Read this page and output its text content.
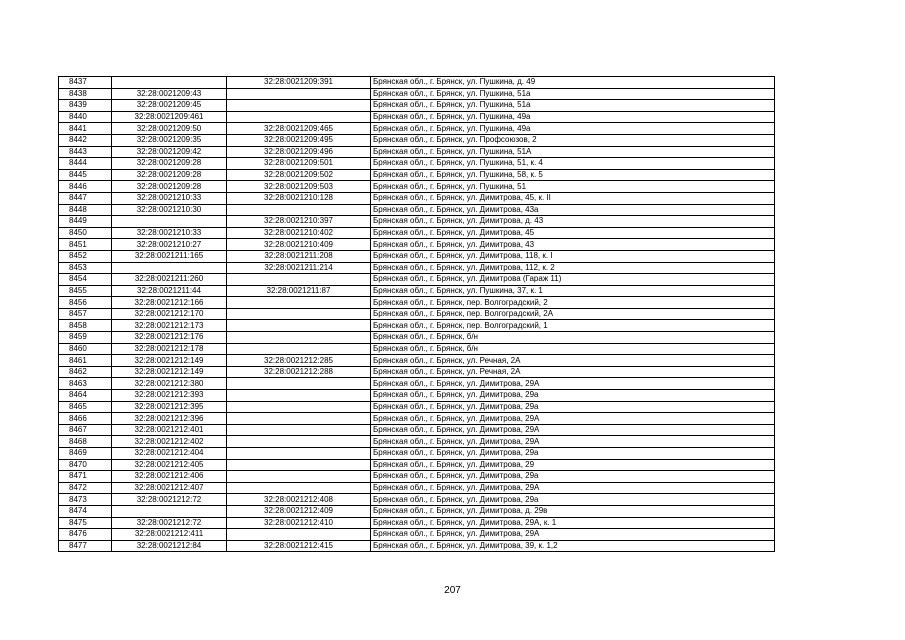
8437		32:28:0021209:391	Брянская обл., г. Брянск, ул. Пушкина, д. 49
8438	32:28:0021209:43		Брянская обл., г. Брянск, ул. Пушкина, 51а
8439	32:28:0021209:45		Брянская обл., г. Брянск, ул. Пушкина, 51а
8440	32:28:0021209:461		Брянская обл., г. Брянск, ул. Пушкина, 49а
8441	32:28:0021209:50	32:28:0021209:465	Брянская обл., г. Брянск, ул. Пушкина, 49а
8442	32:28:0021209:35	32:28:0021209:495	Брянская обл., г. Брянск, ул. Профсоюзов, 2
8443	32:28:0021209:42	32:28:0021209:496	Брянская обл., г. Брянск, ул. Пушкина, 51А
8444	32:28:0021209:28	32:28:0021209:501	Брянская обл., г. Брянск, ул. Пушкина, 51, к. 4
8445	32:28:0021209:28	32:28:0021209:502	Брянская обл., г. Брянск, ул. Пушкина, 58, к. 5
8446	32:28:0021209:28	32:28:0021209:503	Брянская обл., г. Брянск, ул. Пушкина, 51
8447	32:28:0021210:33	32:28:0021210:128	Брянская обл., г. Брянск, ул. Димитрова, 45, к. II
8448	32:28:0021210:30		Брянская обл., г. Брянск, ул. Димитрова, 43а
8449		32:28:0021210:397	Брянская обл., г. Брянск, ул. Димитрова, д. 43
8450	32:28:0021210:33	32:28:0021210:402	Брянская обл., г. Брянск, ул. Димитрова, 45
8451	32:28:0021210:27	32:28:0021210:409	Брянская обл., г. Брянск, ул. Димитрова, 43
8452	32:28:0021211:165	32:28:0021211:208	Брянская обл., г. Брянск, ул. Димитрова, 118, к. I
8453		32:28:0021211:214	Брянская обл., г. Брянск, ул. Димитрова, 112, к. 2
8454	32:28:0021211:260		Брянская обл., г. Брянск, ул. Димитрова (Гараж 11)
8455	32:28:0021211:44	32:28:0021211:87	Брянская обл., г. Брянск, ул. Пушкина, 37, к. 1
8456	32:28:0021212:166		Брянская обл., г. Брянск, пер. Волгоградский, 2
8457	32:28:0021212:170		Брянская обл., г. Брянск, пер. Волгоградский, 2А
8458	32:28:0021212:173		Брянская обл., г. Брянск, пер. Волгоградский, 1
8459	32:28:0021212:176		Брянская обл., г. Брянск, б/н
8460	32:28:0021212:178		Брянская обл., г. Брянск, б/н
8461	32:28:0021212:149	32:28:0021212:285	Брянская обл., г. Брянск, ул. Речная, 2А
8462	32:28:0021212:149	32:28:0021212:288	Брянская обл., г. Брянск, ул. Речная, 2А
8463	32:28:0021212:380		Брянская обл., г. Брянск, ул. Димитрова, 29А
8464	32:28:0021212:393		Брянская обл., г. Брянск, ул. Димитрова, 29а
8465	32:28:0021212:395		Брянская обл., г. Брянск, ул. Димитрова, 29а
8466	32:28:0021212:396		Брянская обл., г. Брянск, ул. Димитрова, 29А
8467	32:28:0021212:401		Брянская обл., г. Брянск, ул. Димитрова, 29А
8468	32:28:0021212:402		Брянская обл., г. Брянск, ул. Димитрова, 29А
8469	32:28:0021212:404		Брянская обл., г. Брянск, ул. Димитрова, 29а
8470	32:28:0021212:405		Брянская обл., г. Брянск, ул. Димитрова, 29
8471	32:28:0021212:406		Брянская обл., г. Брянск, ул. Димитрова, 29а
8472	32:28:0021212:407		Брянская обл., г. Брянск, ул. Димитрова, 29А
8473	32:28:0021212:72	32:28:0021212:408	Брянская обл., г. Брянск, ул. Димитрова, 29а
8474		32:28:0021212:409	Брянская обл., г. Брянск, ул. Димитрова, д. 29в
8475	32:28:0021212:72	32:28:0021212:410	Брянская обл., г. Брянск, ул. Димитрова, 29А, к. 1
8476	32:28:0021212:411		Брянская обл., г. Брянск, ул. Димитрова, 29А
8477	32:28:0021212:84	32:28:0021212:415	Брянская обл., г. Брянск, ул. Димитрова, 39, к. 1,2
207
